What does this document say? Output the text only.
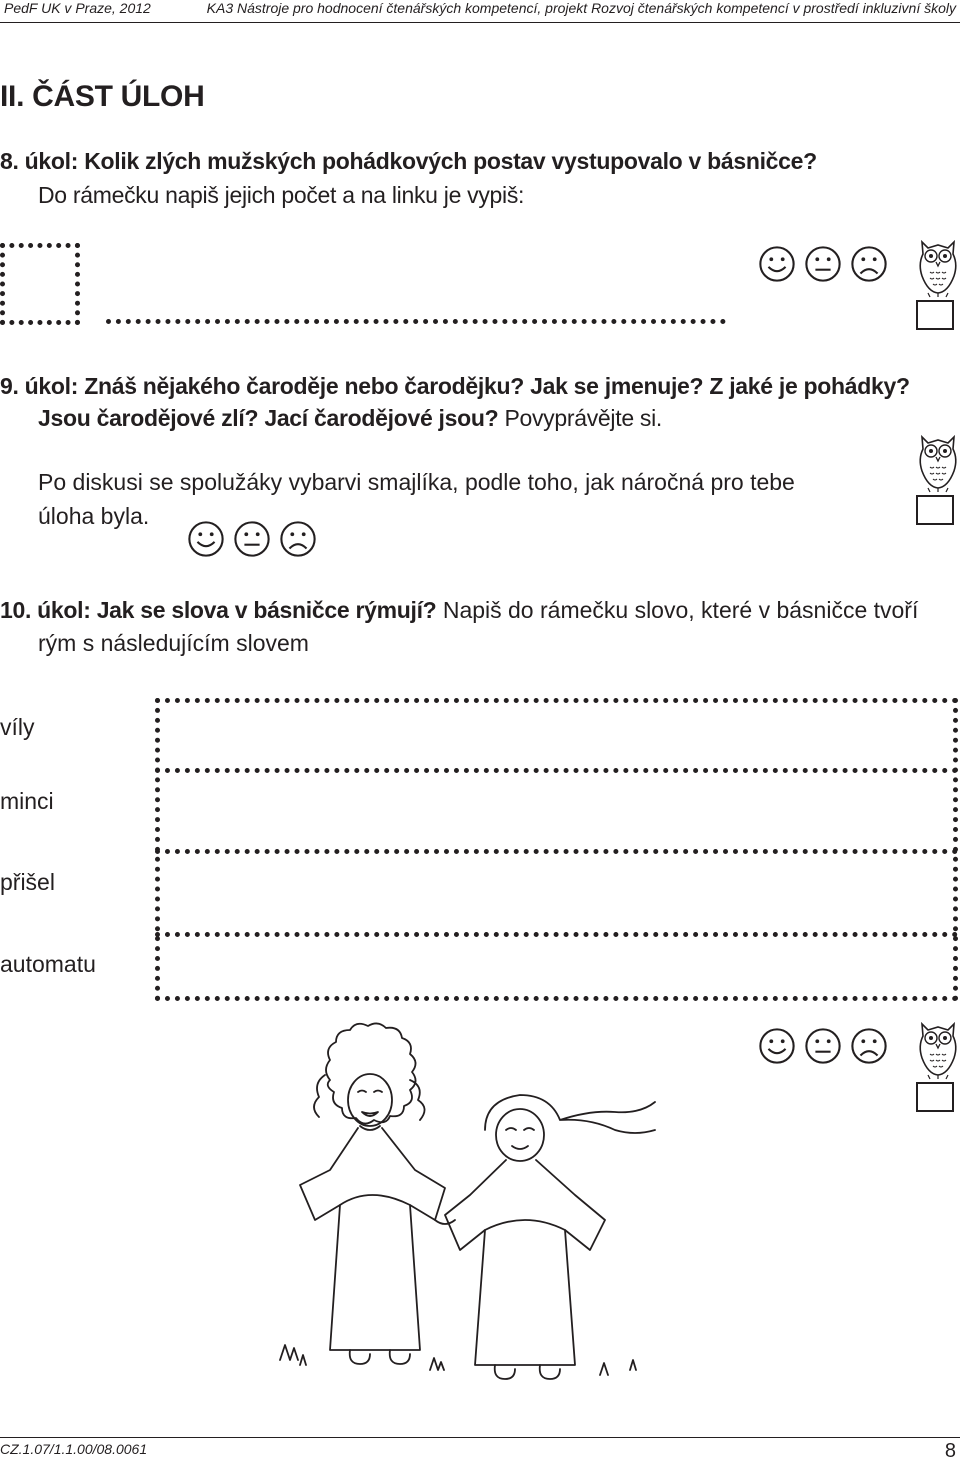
PedF UK v Praze, 2012	KA3 Nástroje pro hodnocení čtenářských kompetencí, projekt Rozvoj čtenářských kompetencí v prostředí inkluzivní školy
II. ČÁST ÚLOH
8. úkol: Kolik zlých mužských pohádkových postav vystupovalo v básničce?
Do rámečku napiš jejich počet a na linku je vypiš:
9. úkol: Znáš nějakého čaroděje nebo čarodějku? Jak se jmenuje? Z jaké je pohádky?
Jsou čarodějové zlí? Jací čarodějové jsou? Povyprávějte si.
Po diskusi se spolužáky vybarvi smajlíka, podle toho, jak náročná pro tebe
úloha byla.
10. úkol: Jak se slova v básničce rýmují? Napiš do rámečku slovo, které v básničce tvoří
rým s následujícím slovem
víly
minci
přišel
automatu
CZ.1.07/1.1.00/08.0061	8
